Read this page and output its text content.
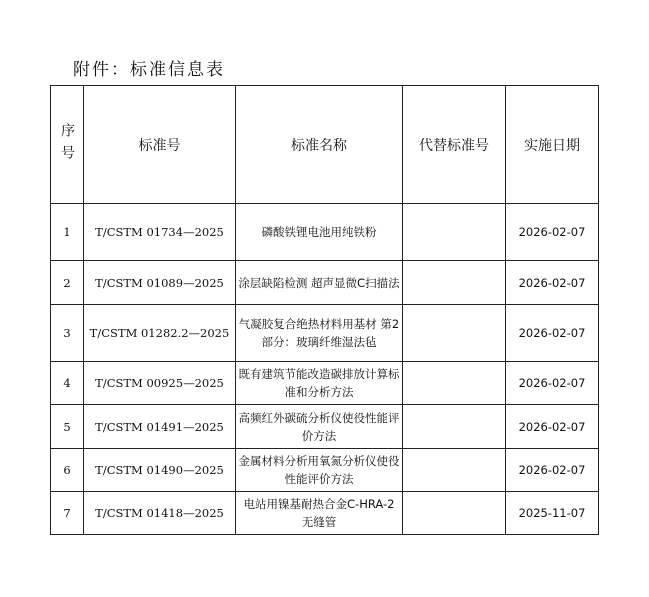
附件：标准信息表
序号	标准号	标准名称	代替标准号	实施日期
1	T/CSTM 01734—2025	磷酸铁锂电池用纯铁粉		2026-02-07
2	T/CSTM 01089—2025	涂层缺陷检测 超声显微C扫描法		2026-02-07
3	T/CSTM 01282.2—2025	气凝胶复合绝热材料用基材 第2部分：玻璃纤维湿法毡		2026-02-07
4	T/CSTM 00925—2025	既有建筑节能改造碳排放计算标准和分析方法		2026-02-07
5	T/CSTM 01491—2025	高频红外碳硫分析仪使役性能评价方法		2026-02-07
6	T/CSTM 01490—2025	金属材料分析用氧氮分析仪使役性能评价方法		2026-02-07
7	T/CSTM 01418—2025	电站用镍基耐热合金C-HRA-2无缝管		2025-11-07
